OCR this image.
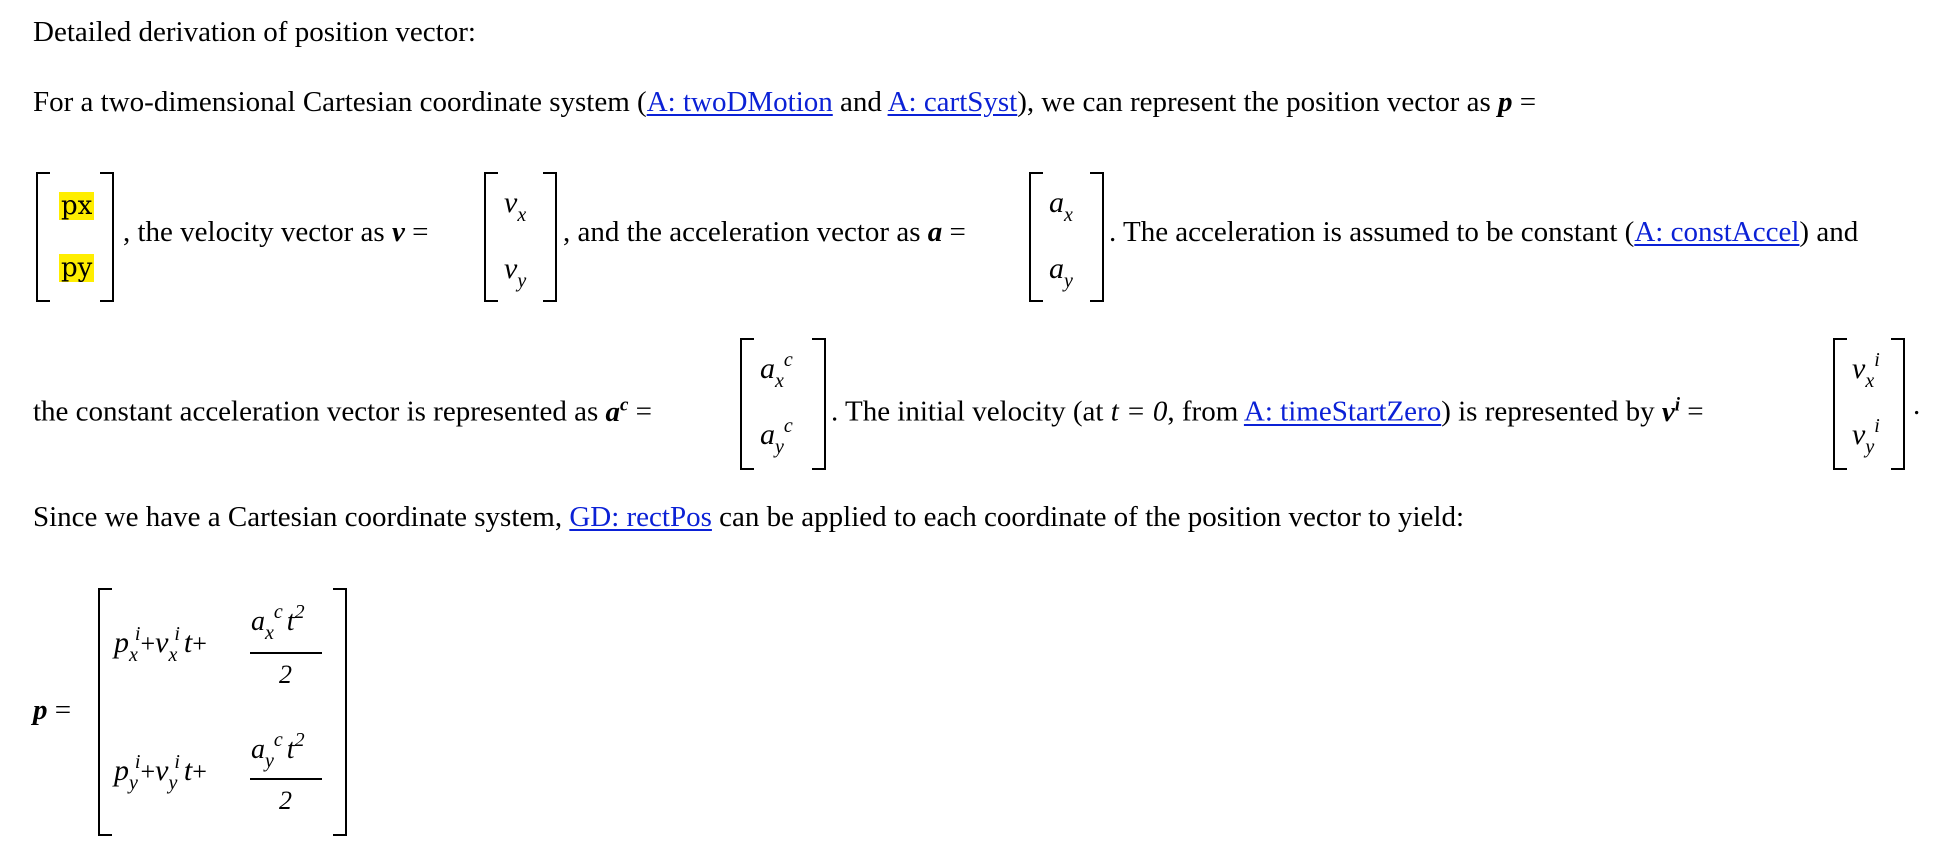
Detailed derivation of position vector:
For a two-dimensional Cartesian coordinate system (A: twoDMotion and A: cartSyst), we can represent the position vector as p =
px
py
, the velocity vector as v =
$v_x$
$v_y$
, and the acceleration vector as a =
$a_x$
$a_y$
. The acceleration is assumed to be constant (A: constAccel) and
the constant acceleration vector is represented as $a^c$ =
$a_x^c$
$a_y^c$ . The initial velocity (at t = 0, from A: timeStartZero) is represented by $v^i$ =
$v_x^i$
$v_y^i$
.
Since we have a Cartesian coordinate system, GD: rectPos can be applied to each coordinate of the position vector to yield:
p =
$p_x^i+v_x^i$ t+
$a_x^c$ $t^2$
2
$p_y^i+v_y^i$ t+
$a_y^c$ $t^2$
2
